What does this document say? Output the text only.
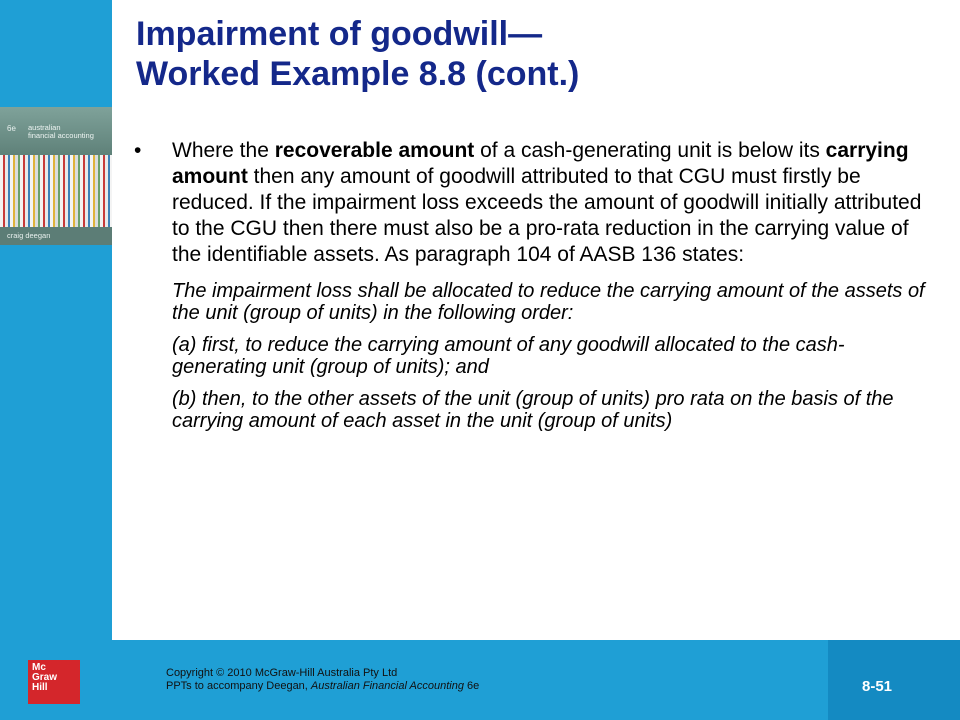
6e australian
financial accounting
craig deegan
Impairment of goodwill—
Worked Example 8.8 (cont.)
• Where the recoverable amount of a cash-generating unit is below its carrying amount then any amount of goodwill attributed to that CGU must firstly be reduced. If the impairment loss exceeds the amount of goodwill initially attributed to the CGU then there must also be a pro-rata reduction in the carrying value of the identifiable assets. As paragraph 104 of AASB 136 states:

The impairment loss shall be allocated to reduce the carrying amount of the assets of the unit (group of units) in the following order:

(a) first, to reduce the carrying amount of any goodwill allocated to the cash-generating unit (group of units); and

(b) then, to the other assets of the unit (group of units) pro rata on the basis of the carrying amount of each asset in the unit (group of units)

Mc
Graw
Hill
Copyright © 2010 McGraw-Hill Australia Pty Ltd
PPTs to accompany Deegan, Australian Financial Accounting 6e	8-51
